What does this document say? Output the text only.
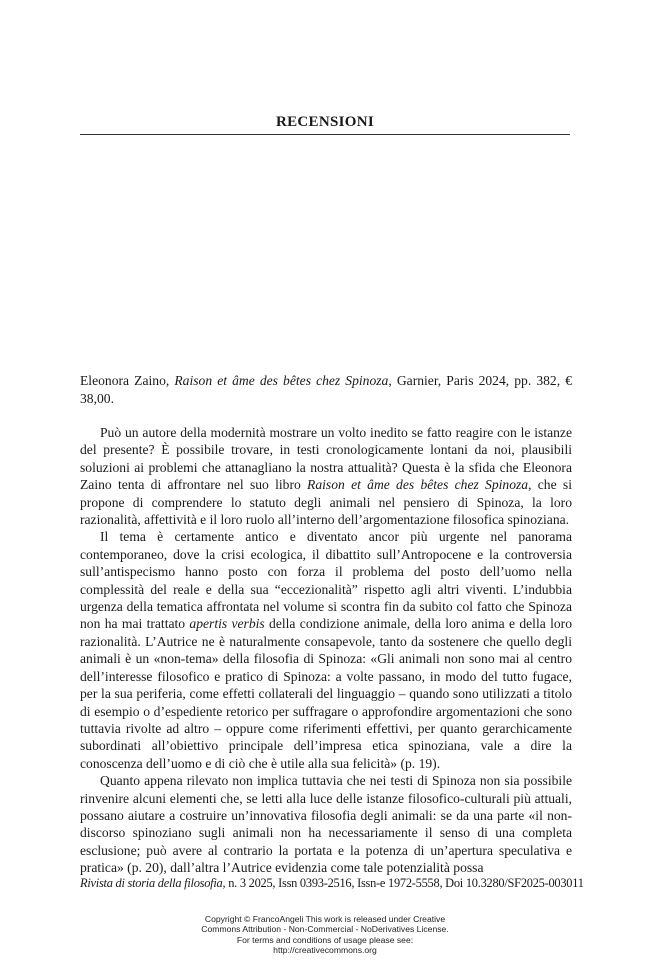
RECENSIONI
Eleonora Zaino, Raison et âme des bêtes chez Spinoza, Garnier, Paris 2024, pp. 382, € 38,00.

Può un autore della modernità mostrare un volto inedito se fatto reagire con le istanze del presente? È possibile trovare, in testi cronologicamente lontani da noi, plausibili soluzioni ai problemi che attanagliano la nostra attualità? Questa è la sfida che Eleonora Zaino tenta di affrontare nel suo libro Raison et âme des bêtes chez Spinoza, che si propone di comprendere lo statuto degli animali nel pensiero di Spinoza, la loro razionalità, affettività e il loro ruolo all’interno dell’argomentazione filosofica spinoziana.

Il tema è certamente antico e diventato ancor più urgente nel panorama contemporaneo, dove la crisi ecologica, il dibattito sull’Antropocene e la controversia sull’antispecismo hanno posto con forza il problema del posto dell’uomo nella complessità del reale e della sua “eccezionalità” rispetto agli altri viventi. L’indubbia urgenza della tematica affrontata nel volume si scontra fin da subito col fatto che Spinoza non ha mai trattato apertis verbis della condizione animale, della loro anima e della loro razionalità. L’Autrice ne è naturalmente consapevole, tanto da sostenere che quello degli animali è un «non-tema» della filosofia di Spinoza: «Gli animali non sono mai al centro dell’interesse filosofico e pratico di Spinoza: a volte passano, in modo del tutto fugace, per la sua periferia, come effetti collaterali del linguaggio – quando sono utilizzati a titolo di esempio o d’espediente retorico per suffragare o approfondire argomentazioni che sono tuttavia rivolte ad altro – oppure come riferimenti effettivi, per quanto gerarchicamente subordinati all’obiettivo principale dell’impresa etica spinoziana, vale a dire la conoscenza dell’uomo e di ciò che è utile alla sua felicità» (p. 19).

Quanto appena rilevato non implica tuttavia che nei testi di Spinoza non sia possibile rinvenire alcuni elementi che, se letti alla luce delle istanze filosofico-culturali più attuali, possano aiutare a costruire un’innovativa filosofia degli animali: se da una parte «il non-discorso spinoziano sugli animali non ha necessariamente il senso di una completa esclusione; può avere al contrario la portata e la potenza di un’apertura speculativa e pratica» (p. 20), dall’altra l’Autrice evidenzia come tale potenzialità possa

Rivista di storia della filosofia, n. 3 2025, Issn 0393-2516, Issn-e 1972-5558, Doi 10.3280/SF2025-003011
Copyright © FrancoAngeli This work is released under Creative
Commons Attribution - Non-Commercial - NoDerivatives License.
For terms and conditions of usage please see:
http://creativecommons.org
